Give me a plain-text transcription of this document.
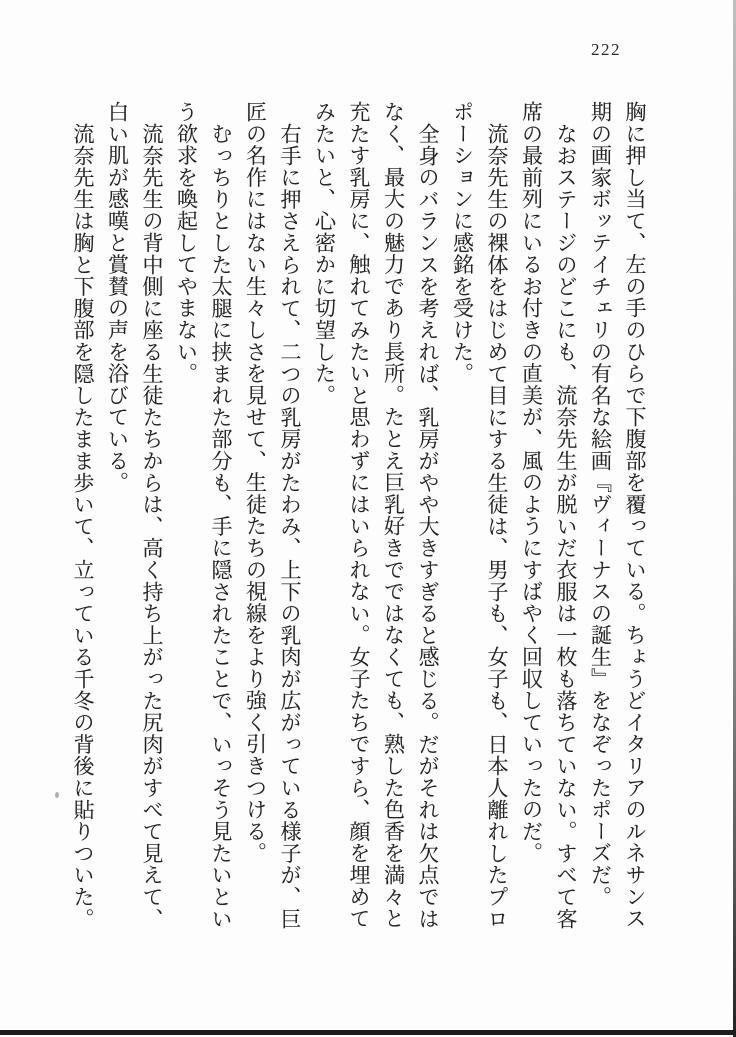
222
胸に押し当て、左の手のひらで下腹部を覆っている。ちょうどイタリアのルネサンス
期の画家ボッテイチェリの有名な絵画『ヴィーナスの誕生』をなぞったポーズだ。
なおステージのどこにも、流奈先生が脱いだ衣服は一枚も落ちていない。すべて客
席の最前列にいるお付きの直美が、風のようにすばやく回収していったのだ。
流奈先生の裸体をはじめて目にする生徒は、男子も、女子も、日本人離れしたプロ
ポーションに感銘を受けた。
全身のバランスを考えれば、乳房がやや大きすぎると感じる。だがそれは欠点では
なく、最大の魅力であり長所。たとえ巨乳好きでではなくても、熟した色香を満々と
充たす乳房に、触れてみたいと思わずにはいられない。女子たちですら、顔を埋めて
みたいと、心密かに切望した。
右手に押さえられて、二つの乳房がたわみ、上下の乳肉が広がっている様子が、巨
匠の名作にはない生々しさを見せて、生徒たちの視線をより強く引きつける。
むっちりとした太腿に挟まれた部分も、手に隠されたことで、いっそう見たいとい
う欲求を喚起してやまない。
流奈先生の背中側に座る生徒たちからは、高く持ち上がった尻肉がすべて見えて、
白い肌が感嘆と賞賛の声を浴びている。
流奈先生は胸と下腹部を隠したまま歩いて、立っている千冬の背後に貼りついた。
